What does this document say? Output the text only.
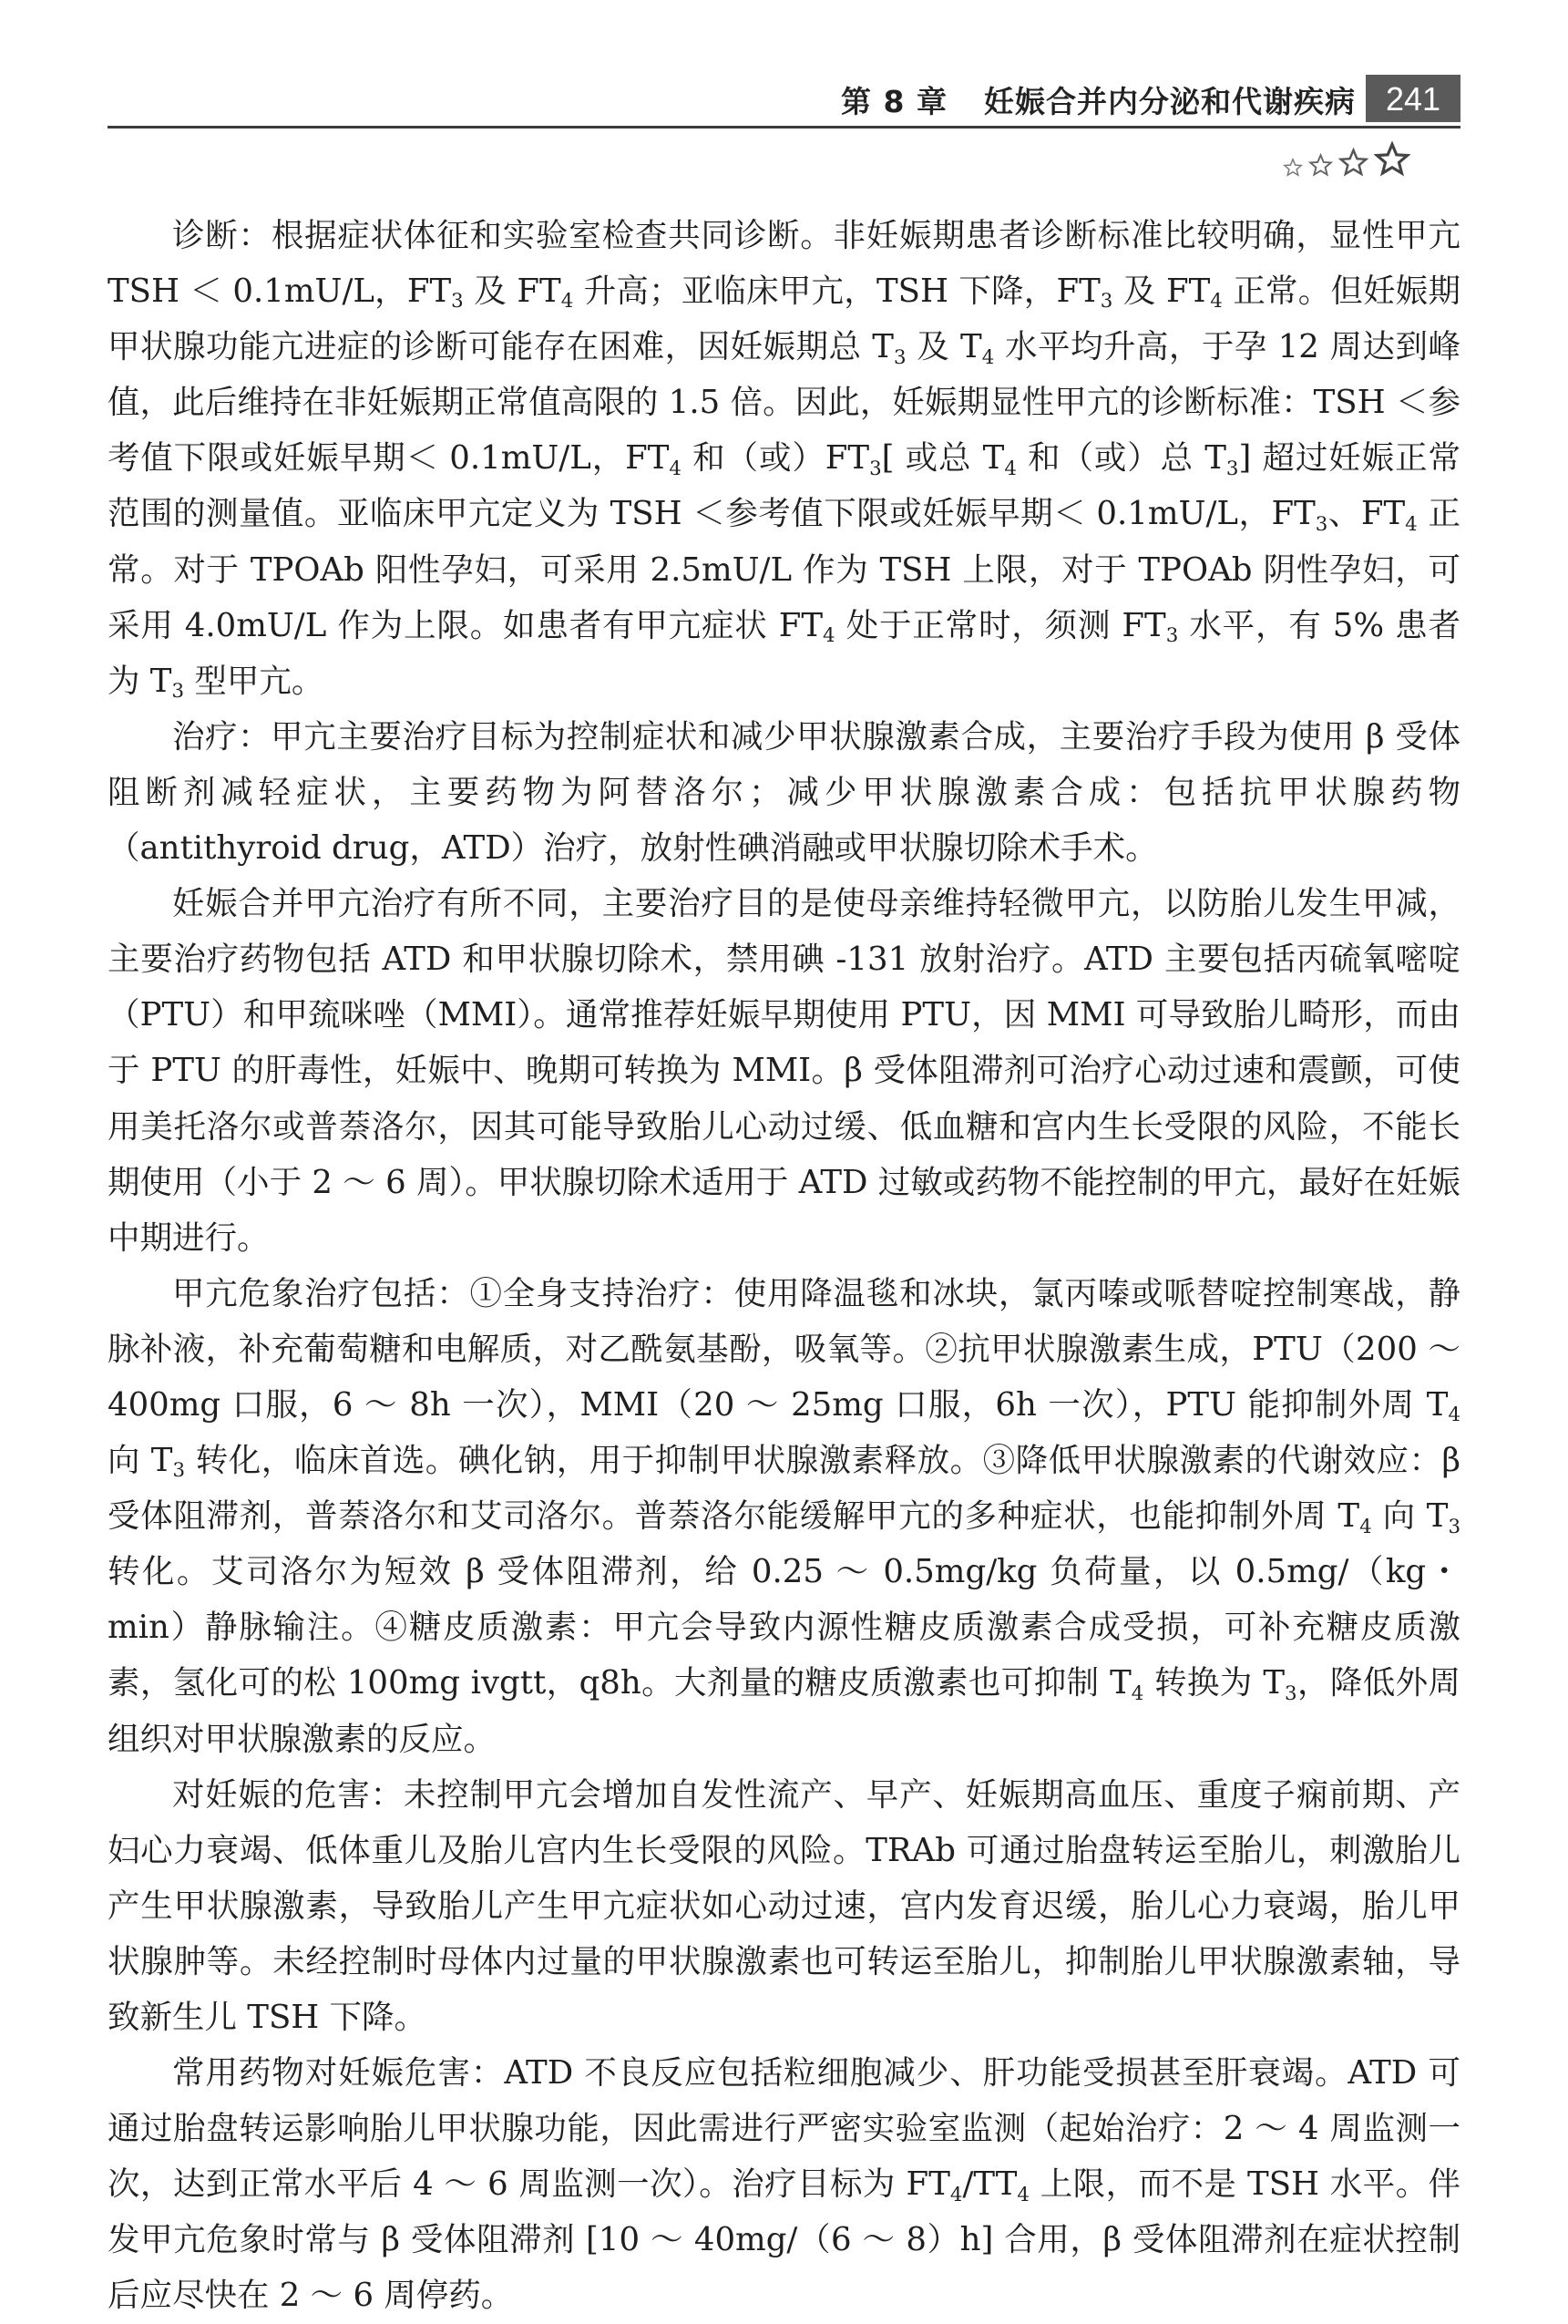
第 8 章 妊娠合并内分泌和代谢疾病 241

诊断：根据症状体征和实验室检查共同诊断。非妊娠期患者诊断标准比较明确，显性甲亢 TSH ＜ 0.1mU/L，$FT_3$ 及 $FT_4$ 升高；亚临床甲亢，TSH 下降，$FT_3$ 及 $FT_4$ 正常。但妊娠期甲状腺功能亢进症的诊断可能存在困难，因妊娠期总 $T_3$ 及 $T_4$ 水平均升高，于孕 12 周达到峰值，此后维持在非妊娠期正常值高限的 1.5 倍。因此，妊娠期显性甲亢的诊断标准：TSH ＜参考值下限或妊娠早期＜ 0.1mU/L，$FT_4$ 和（或）$FT_3$[ 或总 $T_4$ 和（或）总 $T_3$] 超过妊娠正常范围的测量值。亚临床甲亢定义为 TSH ＜参考值下限或妊娠早期＜ 0.1mU/L，$FT_3$、$FT_4$ 正常。对于 TPOAb 阳性孕妇，可采用 2.5mU/L 作为 TSH 上限，对于 TPOAb 阴性孕妇，可采用 4.0mU/L 作为上限。如患者有甲亢症状 $FT_4$ 处于正常时，须测 $FT_3$ 水平，有 5% 患者为 $T_3$ 型甲亢。

治疗：甲亢主要治疗目标为控制症状和减少甲状腺激素合成，主要治疗手段为使用 β 受体阻断剂减轻症状，主要药物为阿替洛尔；减少甲状腺激素合成：包括抗甲状腺药物（antithyroid drug，ATD）治疗，放射性碘消融或甲状腺切除术手术。

妊娠合并甲亢治疗有所不同，主要治疗目的是使母亲维持轻微甲亢，以防胎儿发生甲减，主要治疗药物包括 ATD 和甲状腺切除术，禁用碘 -131 放射治疗。ATD 主要包括丙硫氧嘧啶（PTU）和甲巯咪唑（MMI）。通常推荐妊娠早期使用 PTU，因 MMI 可导致胎儿畸形，而由于 PTU 的肝毒性，妊娠中、晚期可转换为 MMI。β 受体阻滞剂可治疗心动过速和震颤，可使用美托洛尔或普萘洛尔，因其可能导致胎儿心动过缓、低血糖和宫内生长受限的风险，不能长期使用（小于 2 ～ 6 周）。甲状腺切除术适用于 ATD 过敏或药物不能控制的甲亢，最好在妊娠中期进行。

甲亢危象治疗包括：①全身支持治疗：使用降温毯和冰块，氯丙嗪或哌替啶控制寒战，静脉补液，补充葡萄糖和电解质，对乙酰氨基酚，吸氧等。②抗甲状腺激素生成，PTU（200 ～ 400mg 口服，6 ～ 8h 一次），MMI（20 ～ 25mg 口服，6h 一次），PTU 能抑制外周 $T_4$ 向 $T_3$ 转化，临床首选。碘化钠，用于抑制甲状腺激素释放。③降低甲状腺激素的代谢效应：β 受体阻滞剂，普萘洛尔和艾司洛尔。普萘洛尔能缓解甲亢的多种症状，也能抑制外周 $T_4$ 向 $T_3$ 转化。艾司洛尔为短效 β 受体阻滞剂，给 0.25 ～ 0.5mg/kg 负荷量，以 0.5mg/（kg・min）静脉输注。④糖皮质激素：甲亢会导致内源性糖皮质激素合成受损，可补充糖皮质激素，氢化可的松 100mg ivgtt，q8h。大剂量的糖皮质激素也可抑制 $T_4$ 转换为 $T_3$，降低外周组织对甲状腺激素的反应。

对妊娠的危害：未控制甲亢会增加自发性流产、早产、妊娠期高血压、重度子痫前期、产妇心力衰竭、低体重儿及胎儿宫内生长受限的风险。TRAb 可通过胎盘转运至胎儿，刺激胎儿产生甲状腺激素，导致胎儿产生甲亢症状如心动过速，宫内发育迟缓，胎儿心力衰竭，胎儿甲状腺肿等。未经控制时母体内过量的甲状腺激素也可转运至胎儿，抑制胎儿甲状腺激素轴，导致新生儿 TSH 下降。

常用药物对妊娠危害：ATD 不良反应包括粒细胞减少、肝功能受损甚至肝衰竭。ATD 可通过胎盘转运影响胎儿甲状腺功能，因此需进行严密实验室监测（起始治疗：2 ～ 4 周监测一次，达到正常水平后 4 ～ 6 周监测一次）。治疗目标为 $FT_4/TT_4$ 上限，而不是 TSH 水平。伴发甲亢危象时常与 β 受体阻滞剂 [10 ～ 40mg/（6 ～ 8）h] 合用，β 受体阻滞剂在症状控制后应尽快在 2 ～ 6 周停药。
